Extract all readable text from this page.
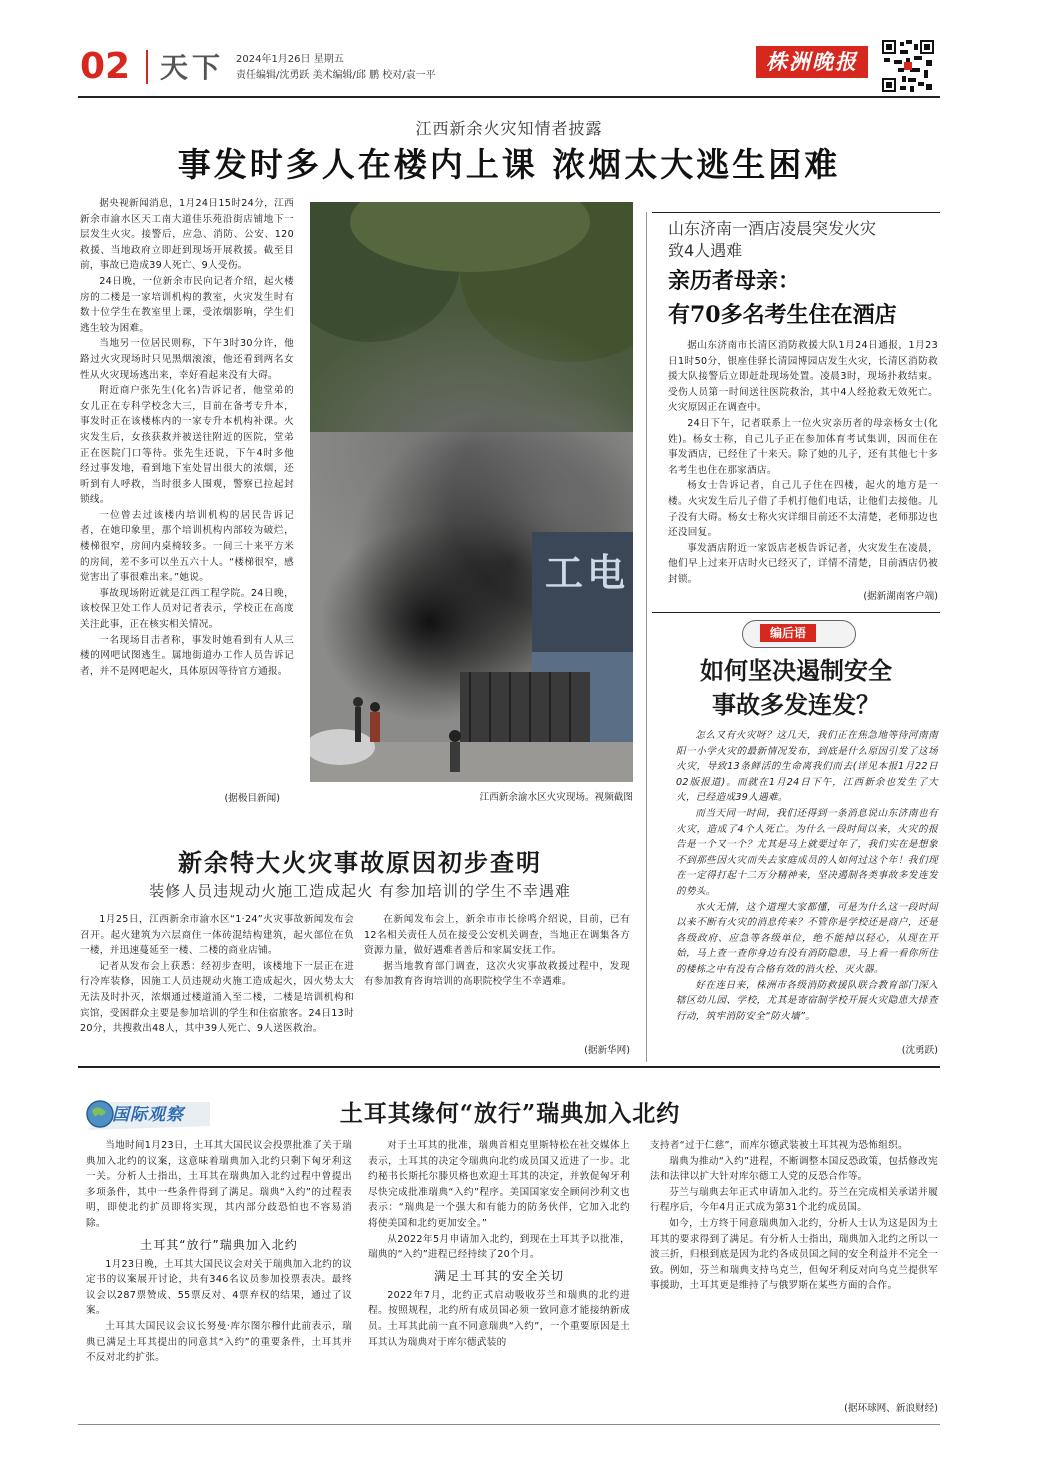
02 天下 2024年1月26日 星期五
责任编辑/沈勇跃 美术编辑/邱 鹏 校对/袁一平
株洲晚报
江西新余火灾知情者披露
事发时多人在楼内上课 浓烟太大逃生困难

据央视新闻消息，1月24日15时24分，江西新余市渝水区天工南大道佳乐苑沿街店铺地下一层发生火灾。接警后，应急、消防、公安、120救援、当地政府立即赶到现场开展救援。截至目前，事故已造成39人死亡、9人受伤。

24日晚，一位新余市民向记者介绍，起火楼房的二楼是一家培训机构的教室，火灾发生时有数十位学生在教室里上课，受浓烟影响，学生们逃生较为困难。

当地另一位居民则称，下午3时30分许，他路过火灾现场时只见黑烟滚滚，他还看到两名女性从火灾现场逃出来，幸好看起来没有大碍。

附近商户张先生(化名)告诉记者，他堂弟的女儿正在专科学校念大三，目前在备考专升本，事发时正在该楼栋内的一家专升本机构补课。火灾发生后，女孩获救并被送往附近的医院，堂弟正在医院门口等待。张先生还说，下午4时多他经过事发地，看到地下室处冒出很大的浓烟，还听到有人呼救，当时很多人围观，警察已拉起封锁线。

一位曾去过该楼内培训机构的居民告诉记者，在她印象里，那个培训机构内部较为破烂，楼梯很窄，房间内桌椅较多。一间三十来平方米的房间，差不多可以坐五六十人。“楼梯很窄，感觉害出了事很难出来。”她说。

事故现场附近就是江西工程学院。24日晚，该校保卫处工作人员对记者表示，学校正在高度关注此事，正在核实相关情况。

一名现场目击者称，事发时她看到有人从三楼的网吧试图逃生。属地街道办工作人员告诉记者，并不是网吧起火，具体原因等待官方通报。

(据极目新闻)
工电
江西新余渝水区火灾现场。视频截图
山东济南一酒店凌晨突发火灾
致4人遇难
亲历者母亲：
有70多名考生住在酒店

据山东济南市长清区消防救援大队1月24日通报，1月23日1时50分，银座佳驿长清园博园店发生火灾，长清区消防救援大队接警后立即赶赴现场处置。凌晨3时，现场扑救结束。受伤人员第一时间送往医院救治，其中4人经抢救无效死亡。火灾原因正在调查中。

24日下午，记者联系上一位火灾亲历者的母亲杨女士(化姓)。杨女士称，自己儿子正在参加体育考试集训，因而住在事发酒店，已经住了十来天。除了她的儿子，还有其他七十多名考生也住在那家酒店。

杨女士告诉记者，自己儿子住在四楼，起火的地方是一楼。火灾发生后儿子借了手机打他们电话，让他们去接他。儿子没有大碍。杨女士称火灾详细目前还不太清楚，老师那边也还没回复。

事发酒店附近一家饭店老板告诉记者，火灾发生在凌晨，他们早上过来开店时火已经灭了，详情不清楚，目前酒店仍被封锁。

(据新湖南客户端)
编后语
如何坚决遏制安全
事故多发连发？

怎么又有火灾呀？这几天，我们正在焦急地等待河南南阳一小学火灾的最新情况发布，到底是什么原因引发了这场火灾，导致13条鲜活的生命离我们而去(详见本报1月22日02版报道)。而就在1月24日下午，江西新余也发生了大火，已经造成39人遇难。

而当天同一时间，我们还得到一条消息说山东济南也有火灾，造成了4个人死亡。为什么一段时间以来，火灾的报告是一个又一个？尤其是马上就要过年了，我们实在是想象不到那些因火灾而失去家庭成员的人如何过这个年！我们现在一定得打起十二万分精神来，坚决遏制各类事故多发连发的势头。

水火无情，这个道理大家都懂，可是为什么这一段时间以来不断有火灾的消息传来？不管你是学校还是商户，还是各级政府、应急等各级单位，绝不能掉以轻心，从现在开始，马上查一查你身边有没有消防隐患，马上看一看你所住的楼栋之中有没有合格有效的消火栓、灭火器。

好在连日来，株洲市各级消防救援队联合教育部门深入辖区幼儿园、学校，尤其是寄宿制学校开展火灾隐患大排查行动，筑牢消防安全“防火墙”。

(沈勇跃)
新余特大火灾事故原因初步查明
装修人员违规动火施工造成起火 有参加培训的学生不幸遇难

1月25日，江西新余市渝水区“1·24”火灾事故新闻发布会召开。起火建筑为六层商住一体砖混结构建筑，起火部位在负一楼，并迅速蔓延至一楼、二楼的商业店铺。

记者从发布会上获悉：经初步查明，该楼地下一层正在进行冷库装修，因施工人员违规动火施工造成起火，因火势太大无法及时扑灭，浓烟通过楼道涌入至二楼，二楼是培训机构和宾馆，受困群众主要是参加培训的学生和住宿旅客。24日13时20分，共搜救出48人，其中39人死亡、9人送医救治。

在新闻发布会上，新余市市长徐鸣介绍说，目前，已有12名相关责任人员在接受公安机关调查，当地正在调集各方资源力量，做好遇难者善后和家属安抚工作。

据当地教育部门调查，这次火灾事故救援过程中，发现有参加教育咨询培训的高职院校学生不幸遇难。

(据新华网)
国际观察	土耳其缘何“放行”瑞典加入北约

当地时间1月23日，土耳其大国民议会投票批准了关于瑞典加入北约的议案，这意味着瑞典加入北约只剩下匈牙利这一关。分析人士指出，土耳其在瑞典加入北约过程中曾提出多项条件，其中一些条件得到了满足。瑞典“入约”的过程表明，即使北约扩员即将实现，其内部分歧恐怕也不容易消除。

土耳其“放行”瑞典加入北约

1月23日晚，土耳其大国民议会对关于瑞典加入北约的议定书的议案展开讨论，共有346名议员参加投票表决。最终议会以287票赞成、55票反对、4票弃权的结果，通过了议案。

土耳其大国民议会议长努曼·库尔图尔穆什此前表示，瑞典已满足土耳其提出的同意其“入约”的重要条件，土耳其并不反对北约扩张。

对于土耳其的批准，瑞典首相克里斯特松在社交媒体上表示，土耳其的决定令瑞典向北约成员国又近进了一步。北约秘书长斯托尔滕贝格也欢迎土耳其的决定，并敦促匈牙利尽快完成批准瑞典“入约”程序。美国国家安全顾问沙利文也表示：“瑞典是一个强大和有能力的防务伙伴，它加入北约将使美国和北约更加安全。”

从2022年5月申请加入北约，到现在土耳其予以批准，瑞典的“入约”进程已经持续了20个月。

满足土耳其的安全关切

2022年7月，北约正式启动吸收芬兰和瑞典的北约进程。按照规程，北约所有成员国必须一致同意才能接纳新成员。土耳其此前一直不同意瑞典“入约”，一个重要原因是土耳其认为瑞典对于库尔德武装的

支持者“过于仁慈”，而库尔德武装被土耳其视为恐怖组织。

瑞典为推动“入约”进程，不断调整本国反恐政策，包括修改宪法和法律以扩大针对库尔德工人党的反恐合作等。

芬兰与瑞典去年正式申请加入北约。芬兰在完成相关承诺并履行程序后，今年4月正式成为第31个北约成员国。

如今，土方终于同意瑞典加入北约，分析人士认为这是因为土耳其的要求得到了满足。有分析人士指出，瑞典加入北约之所以一波三折，归根到底是因为北约各成员国之间的安全利益并不完全一致。例如，芬兰和瑞典支持乌克兰，但匈牙利反对向乌克兰提供军事援助，土耳其更是维持了与俄罗斯在某些方面的合作。

(据环球网、新浪财经)
